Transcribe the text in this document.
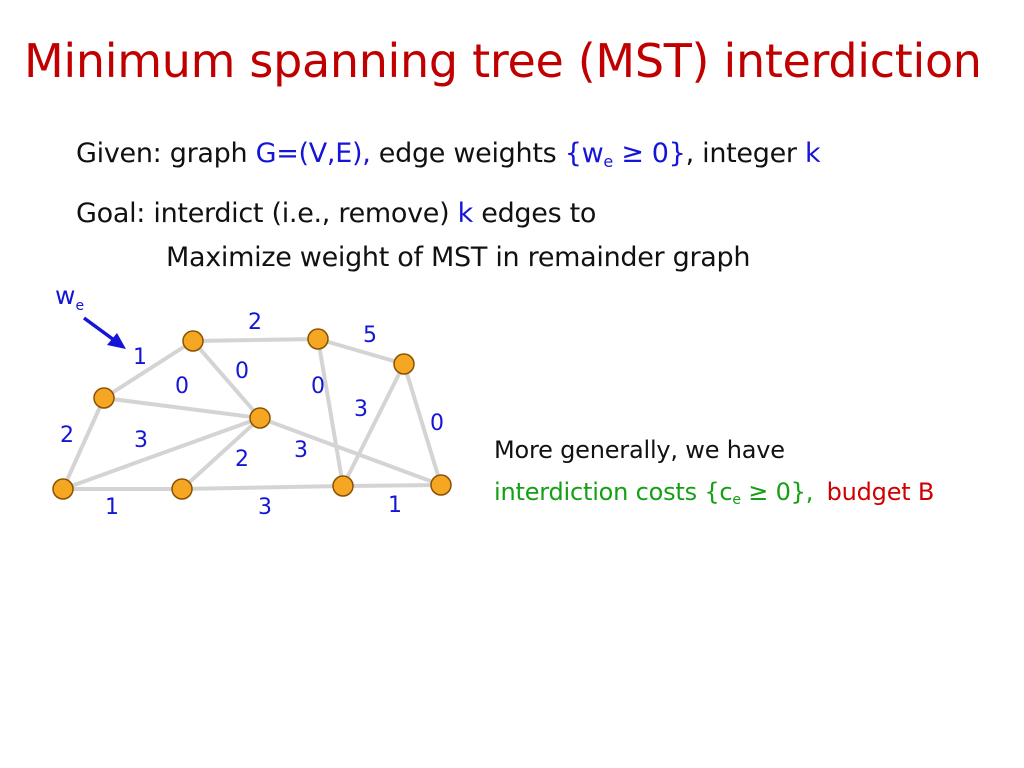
Minimum spanning tree (MST) interdiction
Given: graph G=(V,E), edge weights $\{w_e \ge 0\}$, integer k
Goal: interdict (i.e., remove) k edges to
Maximize weight of MST in remainder graph
1
2
5
0
0	0
3
0
2	3
2 3
1	3	1
$w_e$
More generally, we have
interdiction costs $\{c_e \ge 0\}$, budget B
